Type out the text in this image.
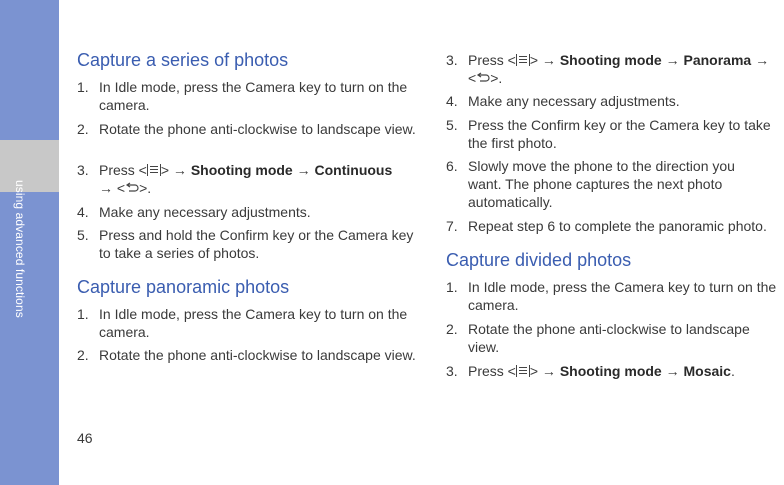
using advanced functions
Capture a series of photos
1. In Idle mode, press the Camera key to turn on the camera.
2. Rotate the phone anti-clockwise to landscape view.
3. Press < > → Shooting mode → Continuous
→ < >.
4. Make any necessary adjustments.
5. Press and hold the Confirm key or the Camera key to take a series of photos.
Capture panoramic photos
1. In Idle mode, press the Camera key to turn on the camera.
2. Rotate the phone anti-clockwise to landscape view.
3. Press < > → Shooting mode → Panorama →
< >.
4. Make any necessary adjustments.
5. Press the Confirm key or the Camera key to take the first photo.
6. Slowly move the phone to the direction you want. The phone captures the next photo automatically.
7. Repeat step 6 to complete the panoramic photo.
Capture divided photos
1. In Idle mode, press the Camera key to turn on the camera.
2. Rotate the phone anti-clockwise to landscape view.
3. Press < > → Shooting mode → Mosaic.
46
